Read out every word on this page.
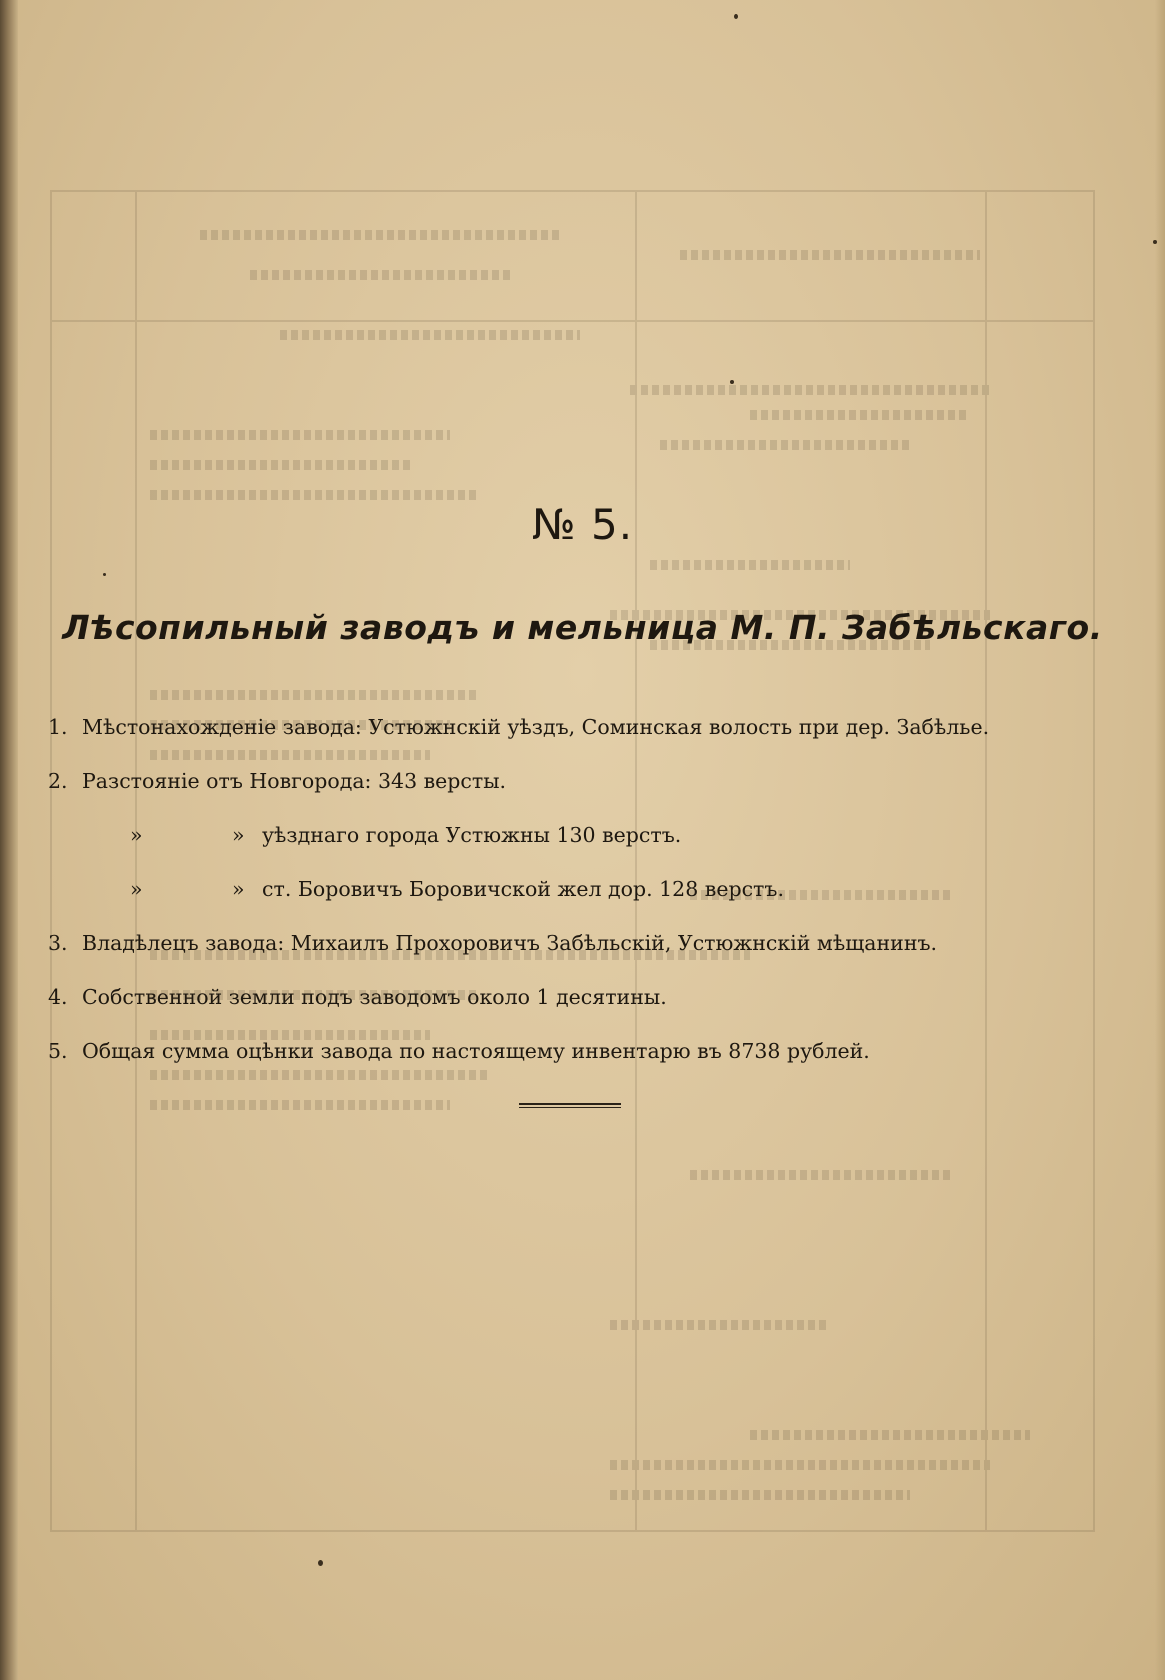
№ 5.
Лѣсопильный заводъ и мельница М. П. Забѣльскаго.
1. Мѣстонахожденіе завода: Устюжнскій уѣздъ, Соминская волость при дер. Забѣлье.
2. Разстояніе отъ Новгорода: 343 версты.
»	» уѣзднаго города Устюжны 130 верстъ.
»	» ст. Боровичъ Боровичской жел дор. 128 верстъ.
3. Владѣлецъ завода: Михаилъ Прохоровичъ Забѣльскій, Устюжнскій мѣщанинъ.
4. Собственной земли подъ заводомъ около 1 десятины.
5. Общая сумма оцѣнки завода по настоящему инвентарю въ 8738 рублей.
